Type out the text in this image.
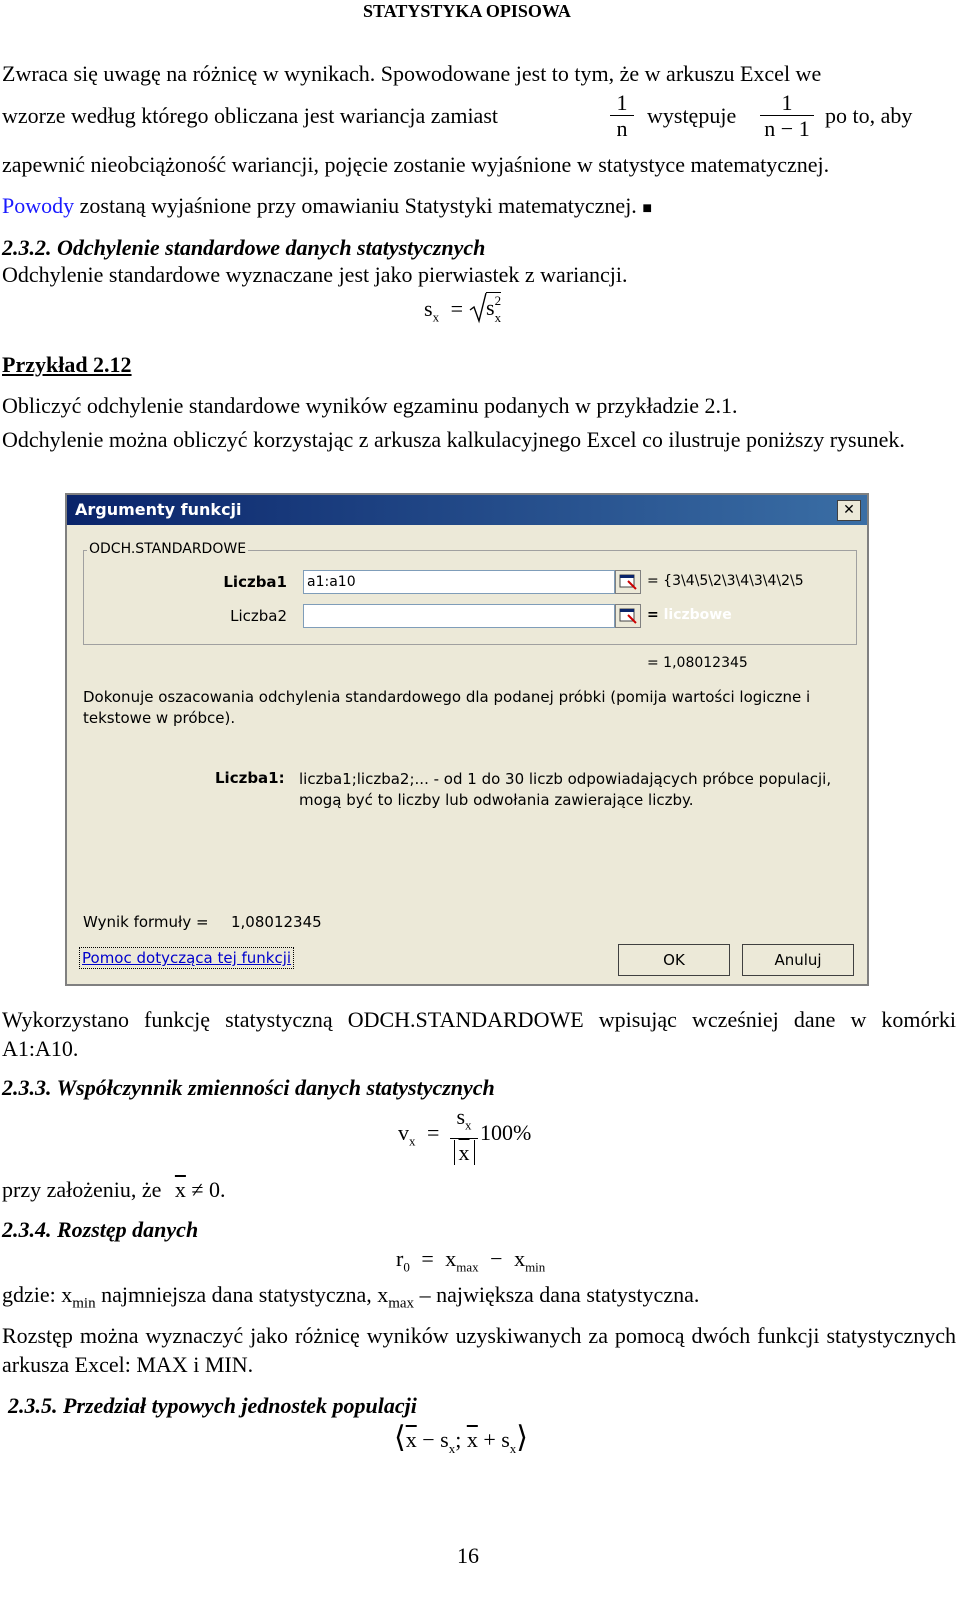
STATYSTYKA OPISOWA
Zwraca się uwagę na różnicę w wynikach. Spowodowane jest to tym, że w arkuszu Excel we
wzorze według którego obliczana jest wariancja zamiast
1
n
występuje
1
n − 1
po to, aby
zapewnić nieobciążoność wariancji, pojęcie zostanie wyjaśnione w statystyce matematycznej.
Powody zostaną wyjaśnione przy omawianiu Statystyki matematycznej. ■
2.3.2. Odchylenie standardowe danych statystycznych
Odchylenie standardowe wyznaczane jest jako pierwiastek z wariancji.
$s_x = s$ 2
x
Przykład 2.12
Obliczyć odchylenie standardowe wyników egzaminu podanych w przykładzie 2.1.
Odchylenie można obliczyć korzystając z arkusza kalkulacyjnego Excel co ilustruje poniższy rysunek.
Argumenty funkcji	✕
ODCH.STANDARDOWE
Liczba1 a1:a10	= {3\4\5\2\3\4\3\4\2\5
Liczba2	= liczbowe
= 1,08012345
Dokonuje oszacowania odchylenia standardowego dla podanej próbki (pomija wartości logiczne i tekstowe w próbce).
Liczba1: liczba1;liczba2;... - od 1 do 30 liczb odpowiadających próbce populacji, mogą być to liczby lub odwołania zawierające liczby.
Wynik formuły = 1,08012345
Pomoc dotycząca tej funkcji	OK	Anuluj
Wykorzystano funkcję statystyczną ODCH.STANDARDOWE wpisując wcześniej dane w komórki A1:A10.
2.3.3. Współczynnik zmienności danych statystycznych
$v_x$ =
$s_x$
$\overline{x}$
100%
przy założeniu, że $\overline{x} \ne 0$.
2.3.4. Rozstęp danych
$r_0 = x_{max} - x_{min}$
gdzie: $x_{min}$ najmniejsza dana statystyczna, $x_{max}$ – największa dana statystyczna.
Rozstęp można wyznaczyć jako różnicę wyników uzyskiwanych za pomocą dwóch funkcji statystycznych arkusza Excel: MAX i MIN.
2.3.5. Przedział typowych jednostek populacji
$⟨\overline{x} - s_x$; $\overline{x}$ + $s_x⟩$
16
